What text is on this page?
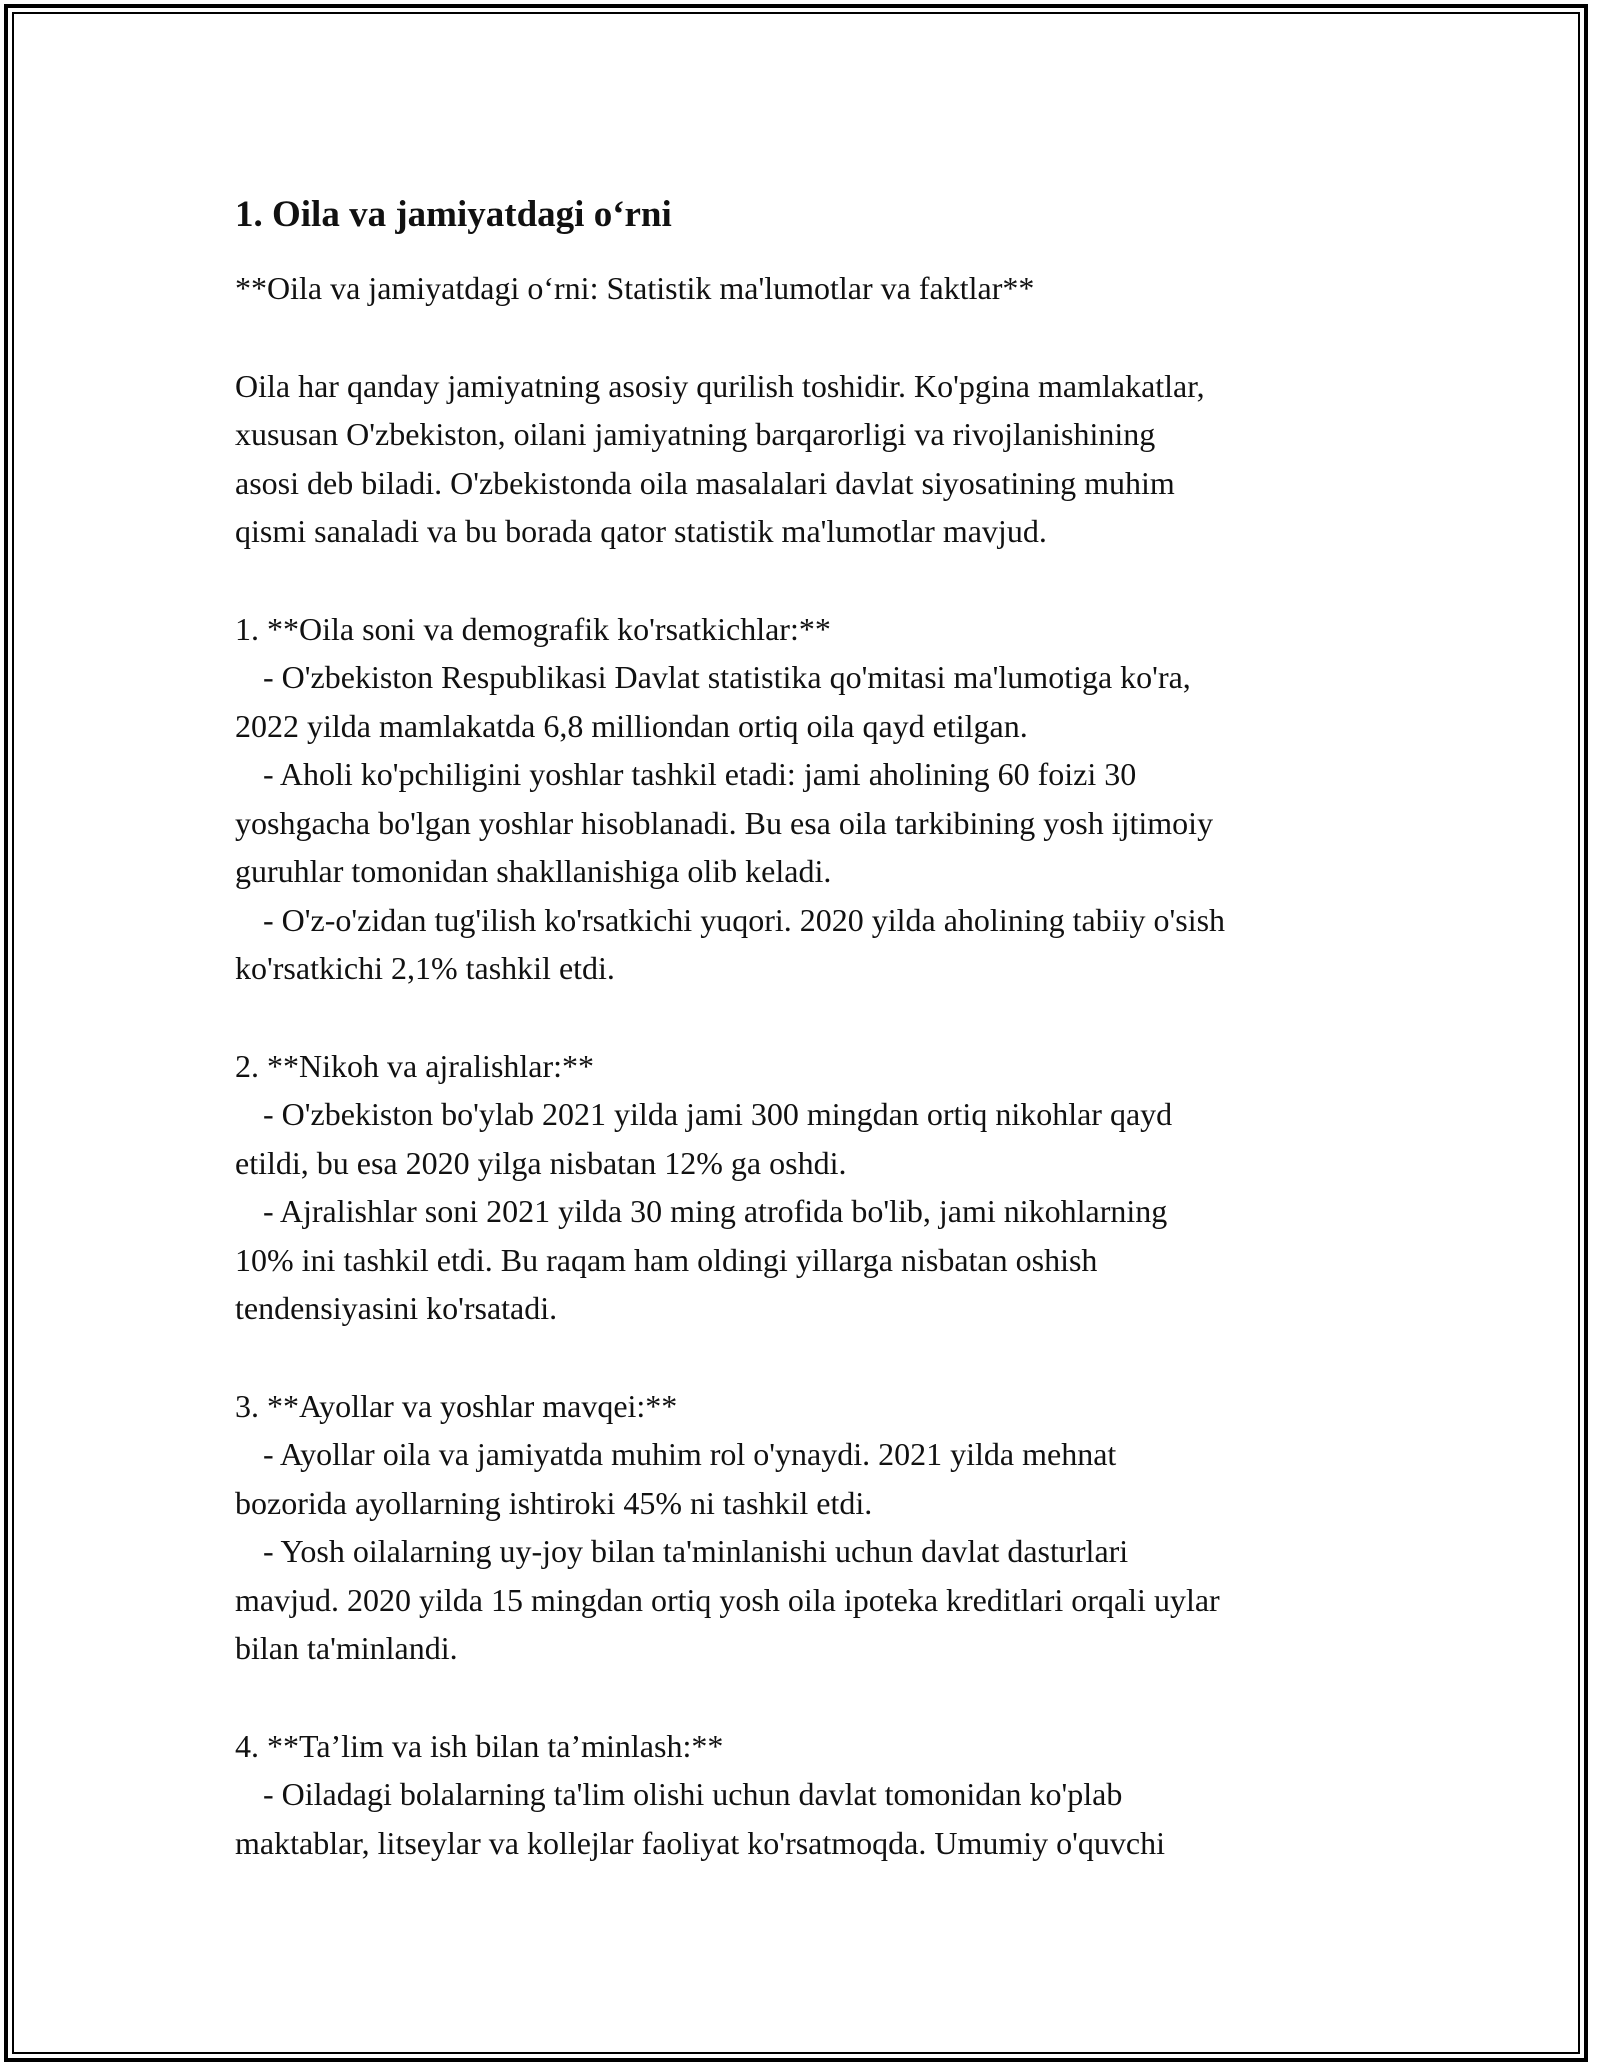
1. Oila va jamiyatdagi o‘rni

**Oila va jamiyatdagi o‘rni: Statistik ma'lumotlar va faktlar**

Oila har qanday jamiyatning asosiy qurilish toshidir. Ko'pgina mamlakatlar,
xususan O'zbekiston, oilani jamiyatning barqarorligi va rivojlanishining
asosi deb biladi. O'zbekistonda oila masalalari davlat siyosatining muhim
qismi sanaladi va bu borada qator statistik ma'lumotlar mavjud.

1. **Oila soni va demografik ko'rsatkichlar:**

- O'zbekiston Respublikasi Davlat statistika qo'mitasi ma'lumotiga ko'ra,
2022 yilda mamlakatda 6,8 milliondan ortiq oila qayd etilgan.

- Aholi ko'pchiligini yoshlar tashkil etadi: jami aholining 60 foizi 30
yoshgacha bo'lgan yoshlar hisoblanadi. Bu esa oila tarkibining yosh ijtimoiy
guruhlar tomonidan shakllanishiga olib keladi.

- O'z-o'zidan tug'ilish ko'rsatkichi yuqori. 2020 yilda aholining tabiiy o'sish
ko'rsatkichi 2,1% tashkil etdi.

2. **Nikoh va ajralishlar:**

- O'zbekiston bo'ylab 2021 yilda jami 300 mingdan ortiq nikohlar qayd
etildi, bu esa 2020 yilga nisbatan 12% ga oshdi.

- Ajralishlar soni 2021 yilda 30 ming atrofida bo'lib, jami nikohlarning
10% ini tashkil etdi. Bu raqam ham oldingi yillarga nisbatan oshish
tendensiyasini ko'rsatadi.

3. **Ayollar va yoshlar mavqei:**

- Ayollar oila va jamiyatda muhim rol o'ynaydi. 2021 yilda mehnat
bozorida ayollarning ishtiroki 45% ni tashkil etdi.

- Yosh oilalarning uy-joy bilan ta'minlanishi uchun davlat dasturlari
mavjud. 2020 yilda 15 mingdan ortiq yosh oila ipoteka kreditlari orqali uylar
bilan ta'minlandi.

4. **Ta’lim va ish bilan ta’minlash:**

- Oiladagi bolalarning ta'lim olishi uchun davlat tomonidan ko'plab
maktablar, litseylar va kollejlar faoliyat ko'rsatmoqda. Umumiy o'quvchi
